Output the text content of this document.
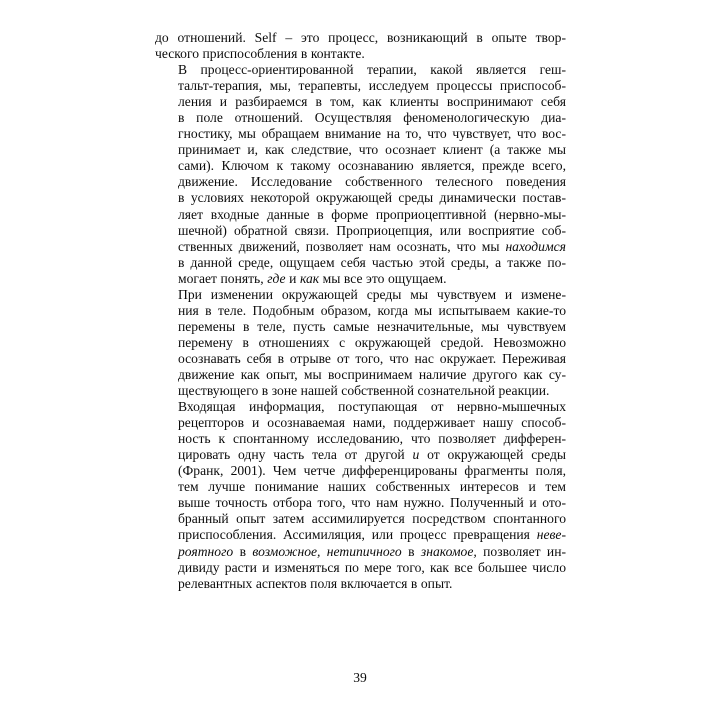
до отношений. Self – это процесс, возникающий в опыте твор-
ческого приспособления в контакте.
В процесс-ориентированной терапии, какой является геш-
тальт-терапия, мы, терапевты, исследуем процессы приспособ-
ления и разбираемся в том, как клиенты воспринимают себя
в поле отношений. Осуществляя феноменологическую диа-
гностику, мы обращаем внимание на то, что чувствует, что вос-
принимает и, как следствие, что осознает клиент (а также мы
сами). Ключом к такому осознаванию является, прежде всего,
движение. Исследование собственного телесного поведения
в условиях некоторой окружающей среды динамически постав-
ляет входные данные в форме проприоцептивной (нервно-мы-
шечной) обратной связи. Проприоцепция, или восприятие соб-
ственных движений, позволяет нам осознать, что мы находимся
в данной среде, ощущаем себя частью этой среды, а также по-
могает понять, где и как мы все это ощущаем.
При изменении окружающей среды мы чувствуем и измене-
ния в теле. Подобным образом, когда мы испытываем какие-то
перемены в теле, пусть самые незначительные, мы чувствуем
перемену в отношениях с окружающей средой. Невозможно
осознавать себя в отрыве от того, что нас окружает. Переживая
движение как опыт, мы воспринимаем наличие другого как су-
ществующего в зоне нашей собственной сознательной реакции.
Входящая информация, поступающая от нервно-мышечных
рецепторов и осознаваемая нами, поддерживает нашу способ-
ность к спонтанному исследованию, что позволяет дифферен-
цировать одну часть тела от другой и от окружающей среды
(Франк, 2001). Чем четче дифференцированы фрагменты поля,
тем лучше понимание наших собственных интересов и тем
выше точность отбора того, что нам нужно. Полученный и ото-
бранный опыт затем ассимилируется посредством спонтанного
приспособления. Ассимиляция, или процесс превращения неве-
роятного в возможное, нетипичного в знакомое, позволяет ин-
дивиду расти и изменяться по мере того, как все большее число
релевантных аспектов поля включается в опыт.
39
